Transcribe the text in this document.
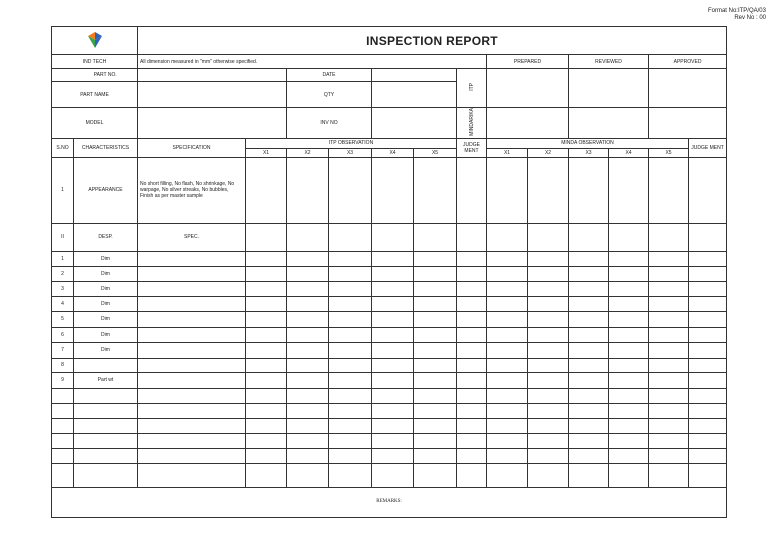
Format No:ITP/QA/03
Rev No : 00
	INSPECTION REPORT												
IND TECH		All dimension measured in "mm" otherwise specified.							PREPARED		REVIEWED		APPROVED	
	PART NO.			DATE				ITP						
PART NAME				QTY										
MODEL				INV NO				MINDARIKA						
S.NO	CHARACTERISTICS	SPECIFICATION	ITP OBSERVATION					JUDGE MENT	MINDA OBSERVATION					JUDGE MENT
			X1	X2	X3	X4	X5		X1	X2	X3	X4	X5	
1	APPEARANCE	No short filling, No flash, No shrinkage, No warpage, No silver streaks, No bubbles, Finish as per master sample												
II	DESP.	SPEC.												
1	Dim													
2	Dim													
3	Dim													
4	Dim													
5	Dim													
6	Dim													
7	Dim													
8														
9	Part wt													

REMARKS:														
